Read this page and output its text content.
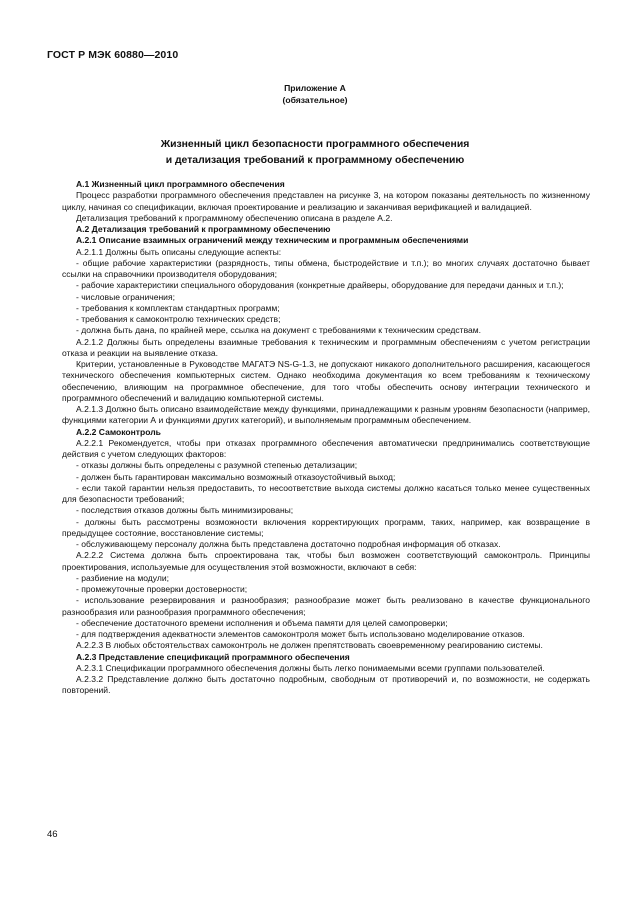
ГОСТ Р МЭК 60880—2010
Приложение А
(обязательное)
Жизненный цикл безопасности программного обеспечения
и детализация требований к программному обеспечению

А.1 Жизненный цикл программного обеспечения

Процесс разработки программного обеспечения представлен на рисунке 3, на котором показаны деятельность по жизненному циклу, начиная со спецификации, включая проектирование и реализацию и заканчивая верификацией и валидацией.

Детализация требований к программному обеспечению описана в разделе А.2.

А.2 Детализация требований к программному обеспечению

А.2.1 Описание взаимных ограничений между техническим и программным обеспечениями

А.2.1.1 Должны быть описаны следующие аспекты:

- общие рабочие характеристики (разрядность, типы обмена, быстродействие и т.п.); во многих случаях достаточно бывает ссылки на справочники производителя оборудования;

- рабочие характеристики специального оборудования (конкретные драйверы, оборудование для передачи данных и т.п.);

- числовые ограничения;

- требования к комплектам стандартных программ;

- требования к самоконтролю технических средств;

- должна быть дана, по крайней мере, ссылка на документ с требованиями к техническим средствам.

А.2.1.2 Должны быть определены взаимные требования к техническим и программным обеспечениям с учетом регистрации отказа и реакции на выявление отказа.

Критерии, установленные в Руководстве МАГАТЭ NS-G-1.3, не допускают никакого дополнительного расширения, касающегося технического обеспечения компьютерных систем. Однако необходима документация ко всем требованиям к техническому обеспечению, влияющим на программное обеспечение, для того чтобы обеспечить основу интеграции технического и программного обеспечений и валидацию компьютерной системы.

А.2.1.3 Должно быть описано взаимодействие между функциями, принадлежащими к разным уровням безопасности (например, функциями категории А и функциями других категорий), и выполняемым программным обеспечением.

А.2.2 Самоконтроль

А.2.2.1 Рекомендуется, чтобы при отказах программного обеспечения автоматически предпринимались соответствующие действия с учетом следующих факторов:

- отказы должны быть определены с разумной степенью детализации;

- должен быть гарантирован максимально возможный отказоустойчивый выход;

- если такой гарантии нельзя предоставить, то несоответствие выхода системы должно касаться только менее существенных для безопасности требований;

- последствия отказов должны быть минимизированы;

- должны быть рассмотрены возможности включения корректирующих программ, таких, например, как возвращение в предыдущее состояние, восстановление системы;

- обслуживающему персоналу должна быть представлена достаточно подробная информация об отказах.

А.2.2.2 Система должна быть спроектирована так, чтобы был возможен соответствующий самоконтроль. Принципы проектирования, используемые для осуществления этой возможности, включают в себя:

- разбиение на модули;

- промежуточные проверки достоверности;

- использование резервирования и разнообразия; разнообразие может быть реализовано в качестве функционального разнообразия или разнообразия программного обеспечения;

- обеспечение достаточного времени исполнения и объема памяти для целей самопроверки;

- для подтверждения адекватности элементов самоконтроля может быть использовано моделирование отказов.

А.2.2.3 В любых обстоятельствах самоконтроль не должен препятствовать своевременному реагированию системы.

А.2.3 Представление спецификаций программного обеспечения

А.2.3.1 Спецификации программного обеспечения должны быть легко понимаемыми всеми группами пользователей.

А.2.3.2 Представление должно быть достаточно подробным, свободным от противоречий и, по возможности, не содержать повторений.

46
